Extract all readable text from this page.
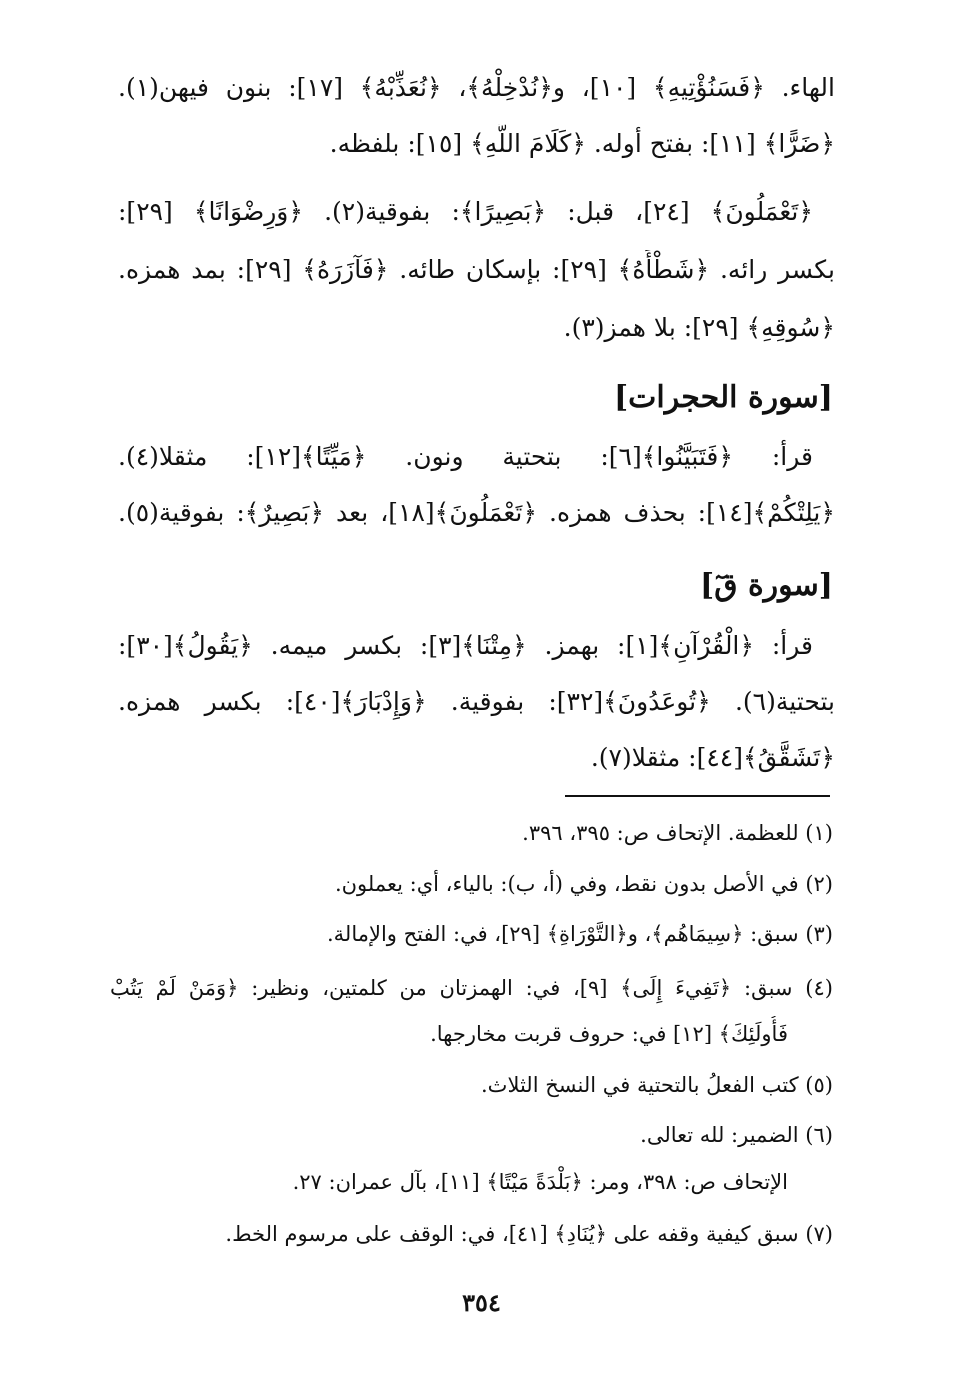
الهاء. ﴿فَسَنُؤْتِيهِ﴾ [١٠]، و﴿نُدْخِلْهُ﴾، ﴿نُعَذِّبْهُ﴾ [١٧]: بنون فيهن(١).
﴿ضَرًّا﴾ [١١]: بفتح أوله. ﴿كَلَامَ اللَّهِ﴾ [١٥]: بلفظه.
﴿تَعْمَلُونَ﴾ [٢٤]، قبل: ﴿بَصِيرًا﴾: بفوقية(٢). ﴿وَرِضْوَانًا﴾ [٢٩]:
بكسر رائه. ﴿شَطْأَهُ﴾ [٢٩]: بإسكان طائه. ﴿فَآزَرَهُ﴾ [٢٩]: بمد همزه.
﴿سُوقِهِ﴾ [٢٩]: بلا همز(٣).
[سورة الحجرات]
قرأ: ﴿فَتَبَيَّنُوا﴾[٦]: بتحتية ونون. ﴿مَيِّتًا﴾[١٢]: مثقلا(٤).
﴿يَلِتْكُمْ﴾[١٤]: بحذف همزه. ﴿تَعْمَلُونَ﴾[١٨]، بعد ﴿بَصِيرٌ﴾: بفوقية(٥).
[سورة قٓ]
قرأ: ﴿الْقُرْآنِ﴾[١]: بهمز. ﴿مِتْنَا﴾[٣]: بكسر ميمه. ﴿يَقُولُ﴾[٣٠]:
بتحتية(٦). ﴿تُوعَدُونَ﴾[٣٢]: بفوقية. ﴿وَإِدْبَارَ﴾[٤٠]: بكسر همزه.
﴿تَشَقَّقُ﴾[٤٤]: مثقلا(٧).
(١) للعظمة. الإتحاف ص: ٣٩٥، ٣٩٦.
(٢) في الأصل بدون نقط، وفي (أ، ب): بالياء، أي: يعملون.
(٣) سبق: ﴿سِيمَاهُم﴾، و﴿التَّوْرَاةِ﴾ [٢٩]، في: الفتح والإمالة.
(٤) سبق: ﴿تَفِيءَ إِلَى﴾ [٩]، في: الهمزتان من كلمتين، ونظير: ﴿وَمَنْ لَمْ يَتُبْ
فَأُولَئِكَ﴾ [١٢] في: حروف قربت مخارجها.
(٥) كتب الفعلُ بالتحتية في النسخ الثلاث.
(٦) الضمير: لله تعالى.
الإتحاف ص: ٣٩٨، ومر: ﴿بَلْدَةً مَيْتًا﴾ [١١]، بآل عمران: ٢٧.
(٧) سبق كيفية وقفه على ﴿يُنَادِ﴾ [٤١]، في: الوقف على مرسوم الخط.
٣٥٤
